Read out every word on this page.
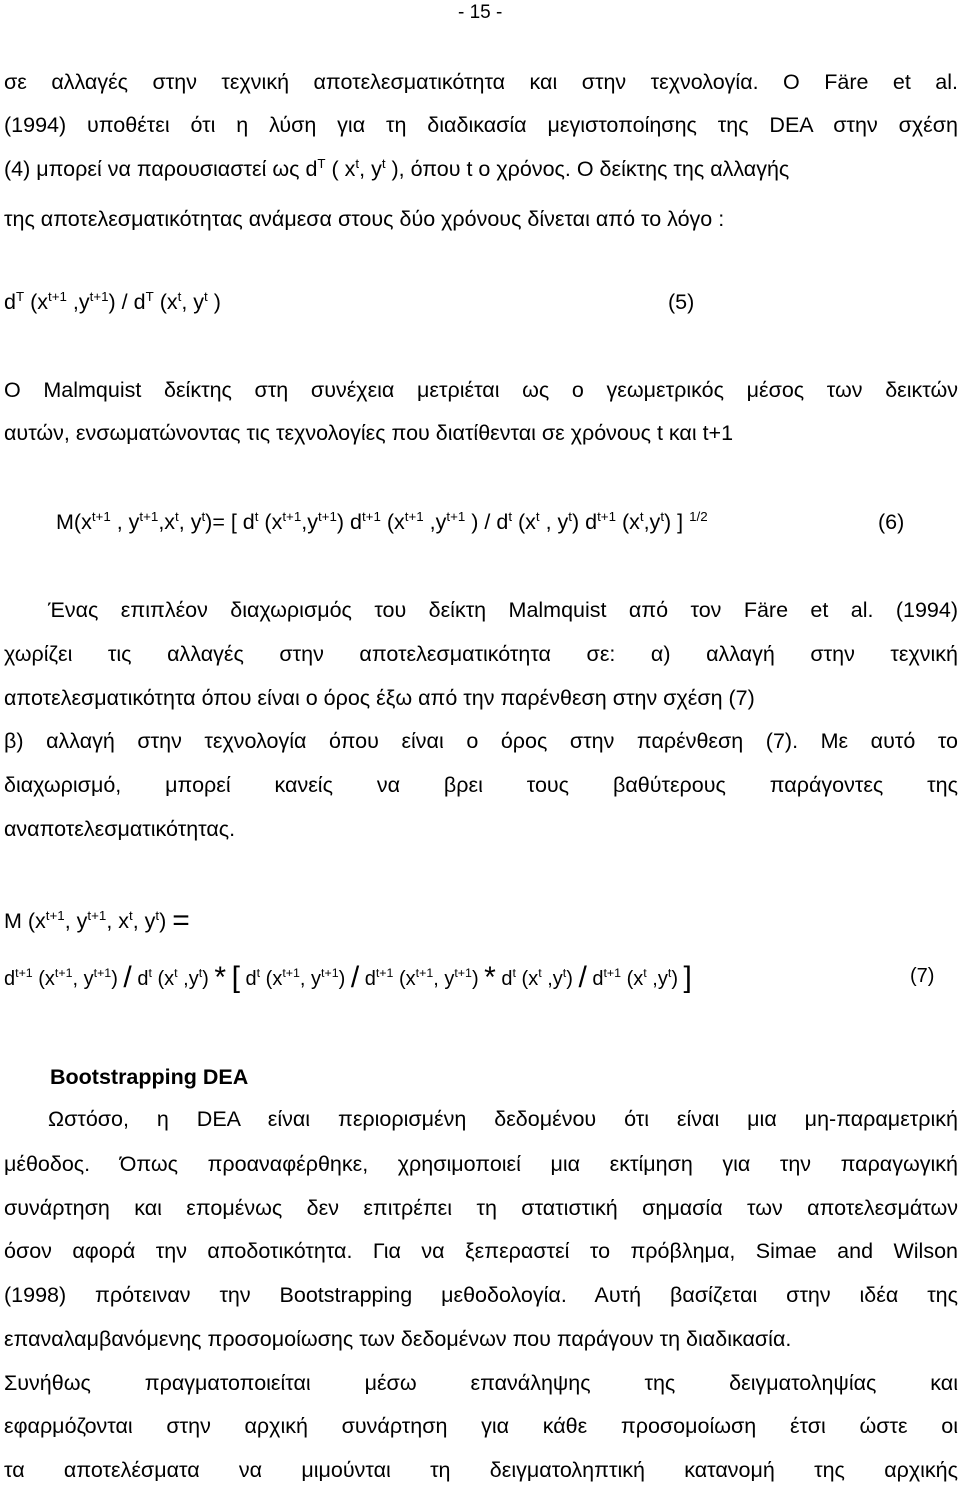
- 15 -
σε αλλαγές στην τεχνική αποτελεσματικότητα και στην τεχνολογία. Ο Färe et al.
(1994) υποθέτει ότι η λύση για τη διαδικασία μεγιστοποίησης της DEA στην σχέση
(4) μπορεί να παρουσιαστεί ως $d^T$ ( $x^t$, $y^t$ ), όπου t ο χρόνος. Ο δείκτης της αλλαγής
της αποτελεσματικότητας ανάμεσα στους δύο χρόνους δίνεται από το λόγο :
$d^T$ ($x^{t+1}$ $,y^{t+1}) / d^T$ ($x^t$, $y^t$ )	(5)
Ο Malmquist δείκτης στη συνέχεια μετριέται ως ο γεωμετρικός μέσος των δεικτών
αυτών, ενσωματώνοντας τις τεχνολογίες που διατίθενται σε χρόνους t και t+1
$M(x^{t+1}$ , $y^{t+1},x^t$, $y^t)=$ [ $d^t$ $(x^{t+1},y^{t+1})$ $d^{t+1}$ ($x^{t+1}$ $,y^{t+1}$ ) / $d^t$ ($x^t$ , $y^t$) $d^{t+1}$ $(x^t,y^t)$ ] $^{1/2}$	(6)
Ένας επιπλέον διαχωρισμός του δείκτη Malmquist από τον Färe et al. (1994)
χωρίζει τις αλλαγές στην αποτελεσματικότητα σε: α) αλλαγή στην τεχνική
αποτελεσματικότητα όπου είναι ο όρος έξω από την παρένθεση στην σχέση (7)
β) αλλαγή στην τεχνολογία όπου είναι ο όρος στην παρένθεση (7). Με αυτό το
διαχωρισμό, μπορεί κανείς να βρει τους βαθύτερους παράγοντες της
αναποτελεσματικότητας.
M ($x^{t+1}$, $y^{t+1}$, $x^t$, $y^t$) =
$d^{t+1}$ ($x^{t+1}$, $y^{t+1}) / d^t$ ($x^t$ $,y^t$) * [ $d^t$ ($x^{t+1}$, $y^{t+1}) / d^{t+1}$ ($x^{t+1}$, $y^{t+1}) * d^t$ ($x^t$ $,y^t) / d^{t+1}$ ($x^t$ $,y^t$) ]	(7)
Bootstrapping DEA
Ωστόσο, η DEA είναι περιορισμένη δεδομένου ότι είναι μια μη-παραμετρική
μέθοδος. Όπως προαναφέρθηκε, χρησιμοποιεί μια εκτίμηση για την παραγωγική
συνάρτηση και επομένως δεν επιτρέπει τη στατιστική σημασία των αποτελεσμάτων
όσον αφορά την αποδοτικότητα. Για να ξεπεραστεί το πρόβλημα, Simae and Wilson
(1998) πρότειναν την Bootstrapping μεθοδολογία. Αυτή βασίζεται στην ιδέα της
επαναλαμβανόμενης προσομοίωσης των δεδομένων που παράγουν τη διαδικασία.
Συνήθως πραγματοποιείται μέσω επανάληψης της δειγματοληψίας και
εφαρμόζονται στην αρχική συνάρτηση για κάθε προσομοίωση έτσι ώστε οι
τα αποτελέσματα να μιμούνται τη δειγματοληπτική κατανομή της αρχικής
